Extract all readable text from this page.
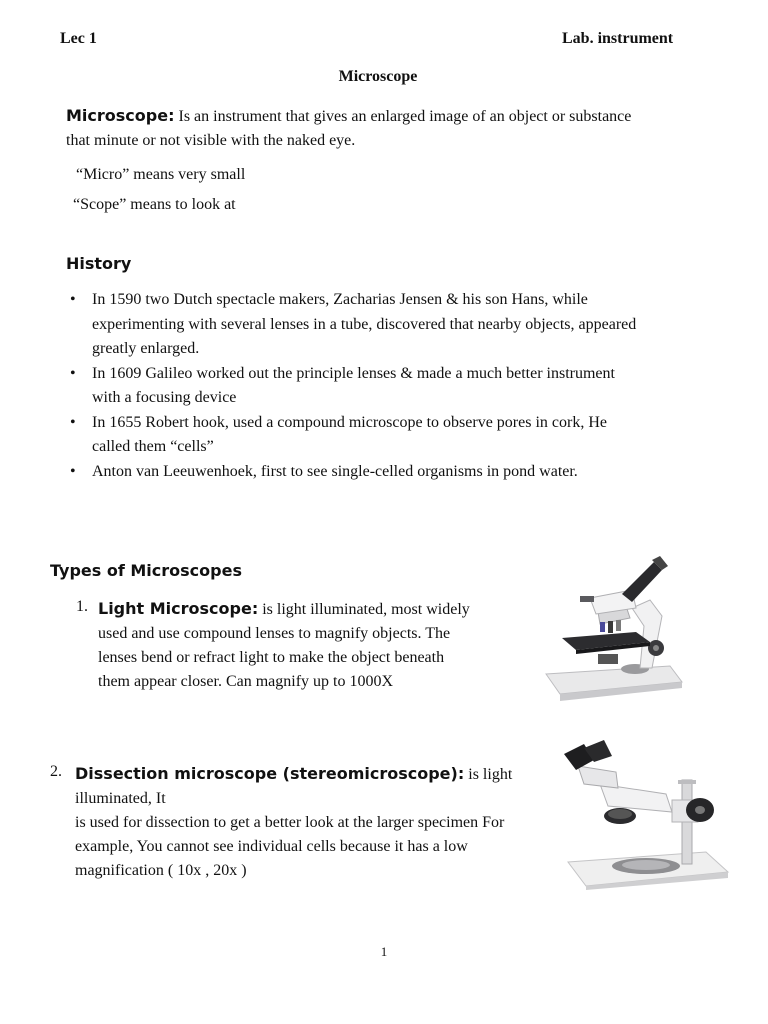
Lec 1	Lab. instrument
Microscope
Microscope: Is an instrument that gives an enlarged image of an object or substance
that minute or not visible with the naked eye.
“Micro” means very small
“Scope” means to look at
History
• In 1590 two Dutch spectacle makers, Zacharias Jensen & his son Hans, while
experimenting with several lenses in a tube, discovered that nearby objects, appeared
greatly enlarged.
• In 1609 Galileo worked out the principle lenses & made a much better instrument
with a focusing device
• In 1655 Robert hook, used a compound microscope to observe pores in cork, He
called them “cells”
• Anton van Leeuwenhoek, first to see single-celled organisms in pond water.
Types of Microscopes
1. Light Microscope: is light illuminated, most widely
used and use compound lenses to magnify objects. The
lenses bend or refract light to make the object beneath
them appear closer. Can magnify up to 1000X
2. Dissection microscope (stereomicroscope): is light illuminated, It
is used for dissection to get a better look at the larger specimen For
example, You cannot see individual cells because it has a low
magnification ( 10x , 20x )
1
